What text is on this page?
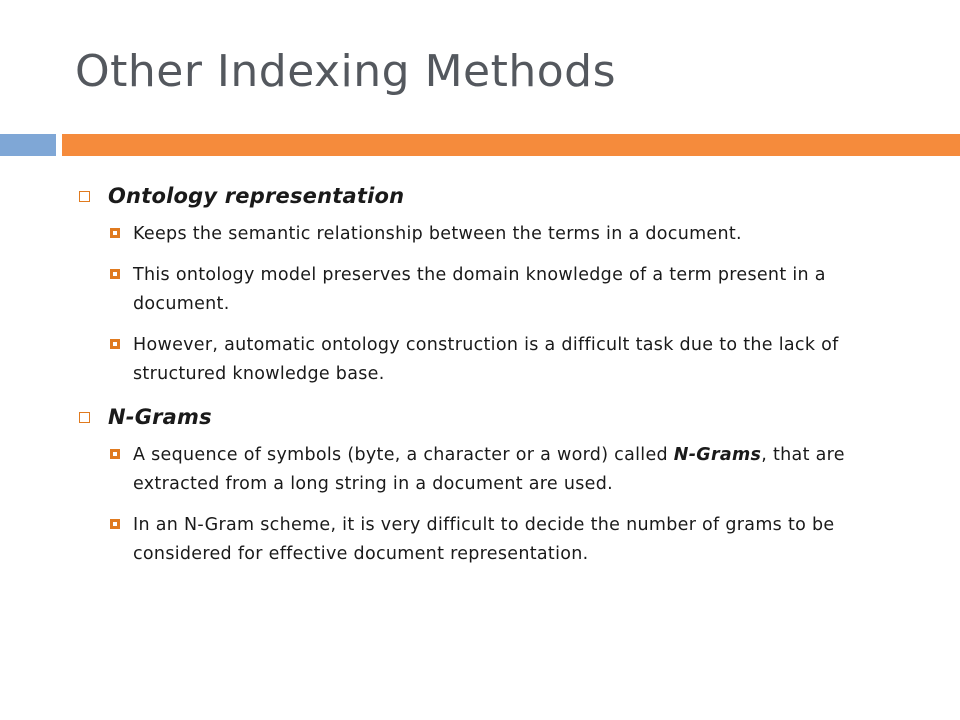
Other Indexing Methods
Ontology representation
Keeps the semantic relationship between the terms in a document.
This ontology model preserves the domain knowledge of a term present in a document.
However, automatic ontology construction is a difficult task due to the lack of structured knowledge base.
N-Grams
A sequence of symbols (byte, a character or a word) called N-Grams, that are extracted from a long string in a document are used.
In an N-Gram scheme, it is very difficult to decide the number of grams to be considered for effective document representation.
